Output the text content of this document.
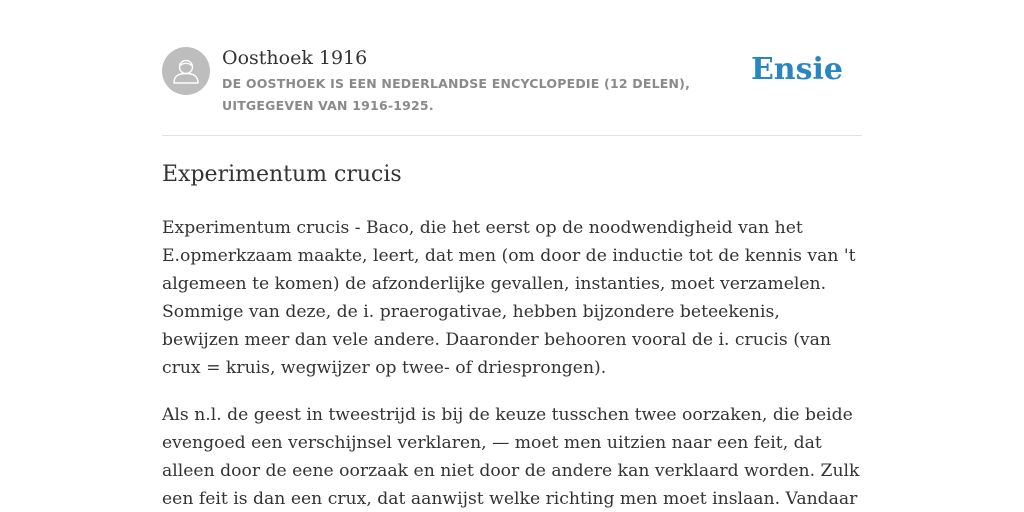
Oosthoek 1916
DE OOSTHOEK IS EEN NEDERLANDSE ENCYCLOPEDIE (12 DELEN), UITGEGEVEN VAN 1916-1925.
Ensie
Experimentum crucis

Experimentum crucis - Baco, die het eerst op de noodwendigheid van het E.opmerkzaam maakte, leert, dat men (om door de inductie tot de kennis van 't algemeen te komen) de afzonderlijke gevallen, instanties, moet verzamelen. Sommige van deze, de i. praerogativae, hebben bijzondere beteekenis, bewijzen meer dan vele andere. Daaronder behooren vooral de i. crucis (van crux = kruis, wegwijzer op twee- of driesprongen).

Als n.l. de geest in tweestrijd is bij de keuze tusschen twee oorzaken, die beide evengoed een verschijnsel verklaren, — moet men uitzien naar een feit, dat alleen door de eene oorzaak en niet door de andere kan verklaard worden. Zulk een feit is dan een crux, dat aanwijst welke richting men moet inslaan. Vandaar
